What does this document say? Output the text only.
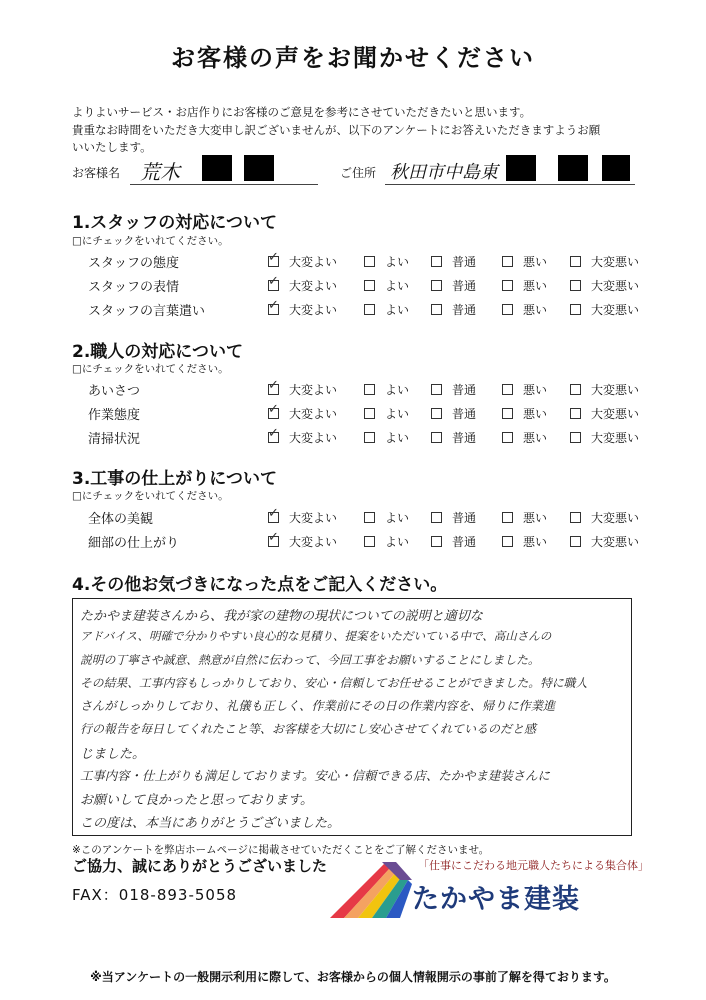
お客様の声をお聞かせください
よりよいサービス・お店作りにお客様のご意見を参考にさせていただきたいと思います。
貴重なお時間をいただき大変申し訳ございませんが、以下のアンケートにお答えいただきますようお願
いいたします。
お客様名 荒木	ご住所 秋田市中島東
1.スタッフの対応について
□にチェックをいれてください。
スタッフの態度 ✓	大変よい	よい	普通	悪い	大変悪い
スタッフの表情 ✓	大変よい	よい	普通	悪い	大変悪い
スタッフの言葉遣い ✓	大変よい	よい	普通	悪い	大変悪い
2.職人の対応について
□にチェックをいれてください。
あいさつ ✓	大変よい	よい	普通	悪い	大変悪い
作業態度 ✓	大変よい	よい	普通	悪い	大変悪い
清掃状況 ✓	大変よい	よい	普通	悪い	大変悪い
3.工事の仕上がりについて
□にチェックをいれてください。
全体の美観 ✓	大変よい	よい	普通	悪い	大変悪い
細部の仕上がり ✓	大変よい	よい	普通	悪い	大変悪い
4.その他お気づきになった点をご記入ください。
たかやま建装さんから、我が家の建物の現状についての説明と適切な
アドバイス、明確で分かりやすい良心的な見積り、提案をいただいている中で、高山さんの
説明の丁寧さや誠意、熱意が自然に伝わって、今回工事をお願いすることにしました。
その結果、工事内容もしっかりしており、安心・信頼してお任せることができました。特に職人
さんがしっかりしており、礼儀も正しく、作業前にその日の作業内容を、帰りに作業進
行の報告を毎日してくれたこと等、お客様を大切にし安心させてくれているのだと感
じました。
工事内容・仕上がりも満足しております。安心・信頼できる店、たかやま建装さんに
お願いして良かったと思っております。
この度は、本当にありがとうございました。
※このアンケートを弊店ホームページに掲載させていただくことをご了解くださいませ。
ご協力、誠にありがとうございました
FAX：018-893-5058
「仕事にこだわる地元職人たちによる集合体」
たかやま建装
※当アンケートの一般開示利用に際して、お客様からの個人情報開示の事前了解を得ております。
